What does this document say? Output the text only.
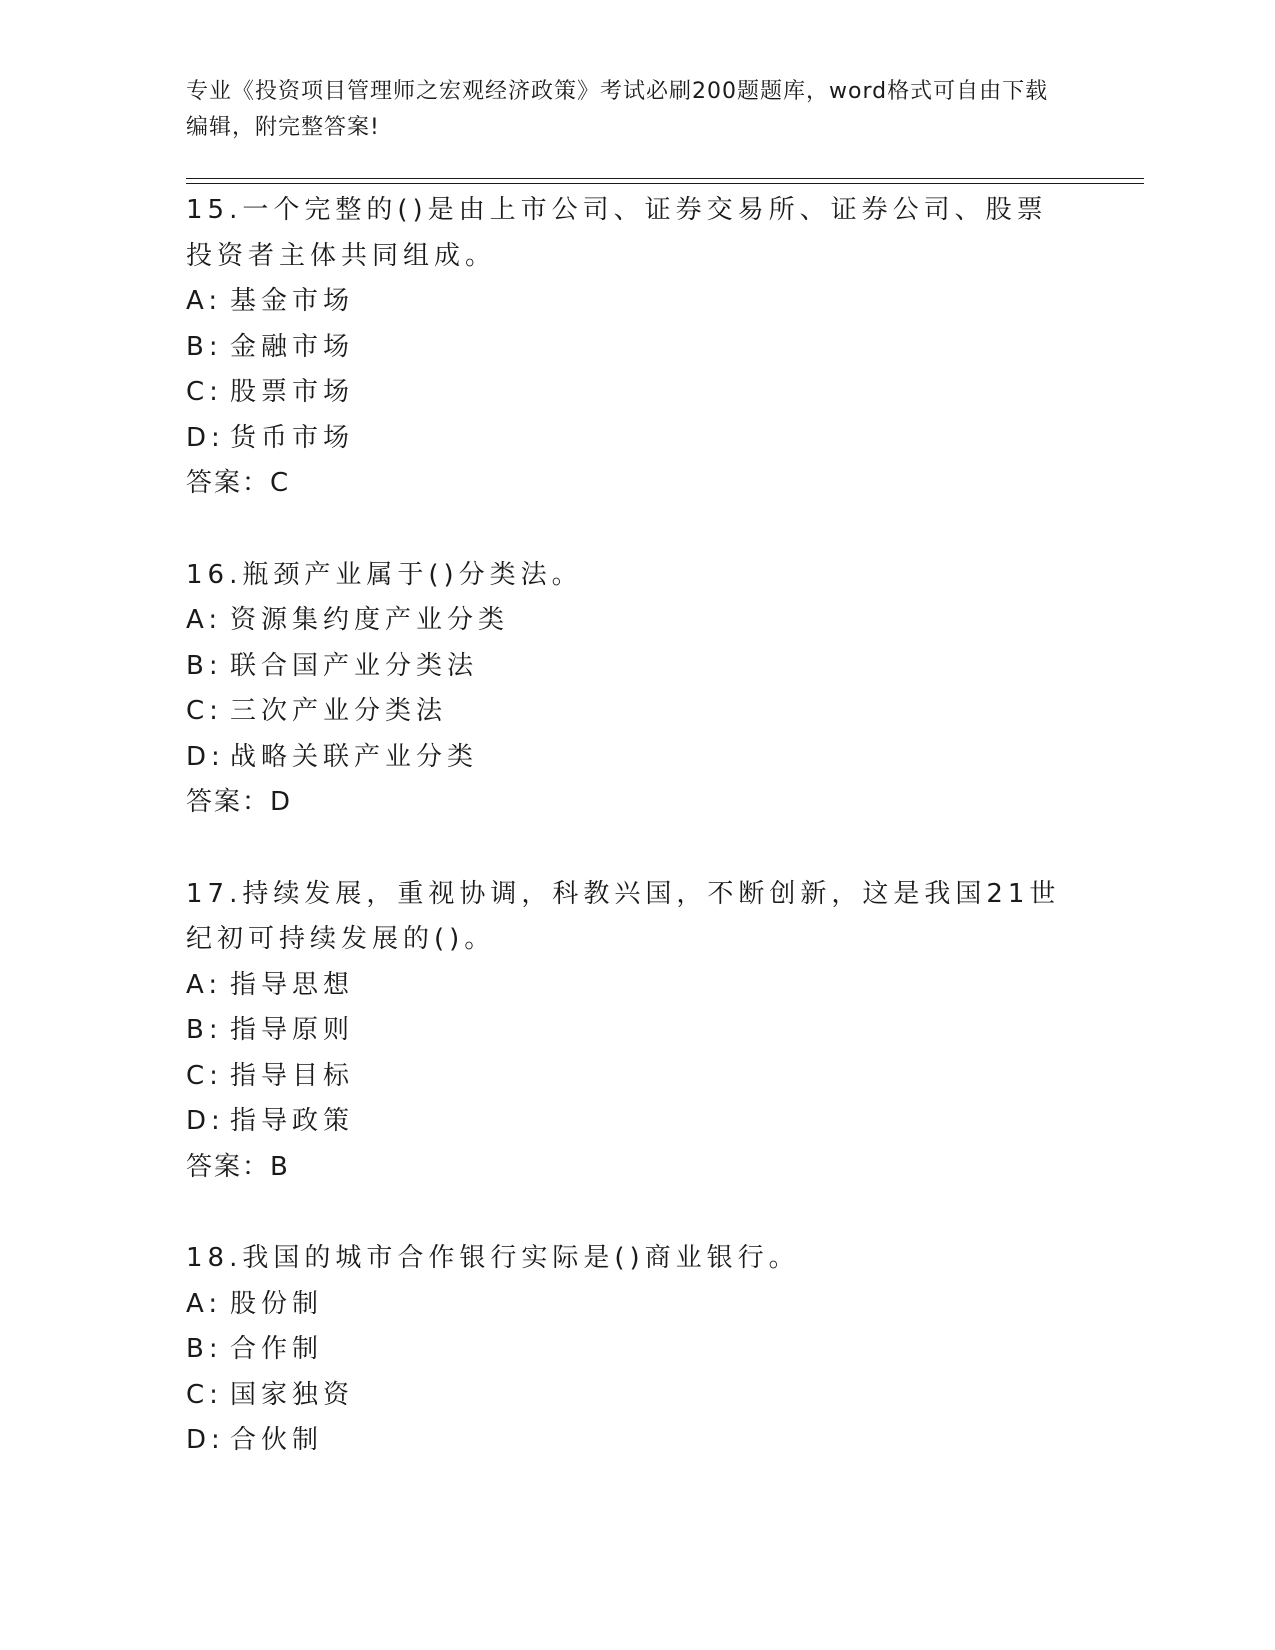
专业《投资项目管理师之宏观经济政策》考试必刷200题题库，word格式可自由下载编辑，附完整答案!

15.一个完整的()是由上市公司、证券交易所、证券公司、股票投资者主体共同组成。

A: 基金市场
B: 金融市场
C: 股票市场
D: 货币市场
答案：C

16.瓶颈产业属于()分类法。

A: 资源集约度产业分类
B: 联合国产业分类法
C: 三次产业分类法
D: 战略关联产业分类
答案：D

17.持续发展，重视协调，科教兴国，不断创新，这是我国21世纪初可持续发展的()。

A: 指导思想
B: 指导原则
C: 指导目标
D: 指导政策
答案：B

18.我国的城市合作银行实际是()商业银行。

A: 股份制
B: 合作制
C: 国家独资
D: 合伙制
